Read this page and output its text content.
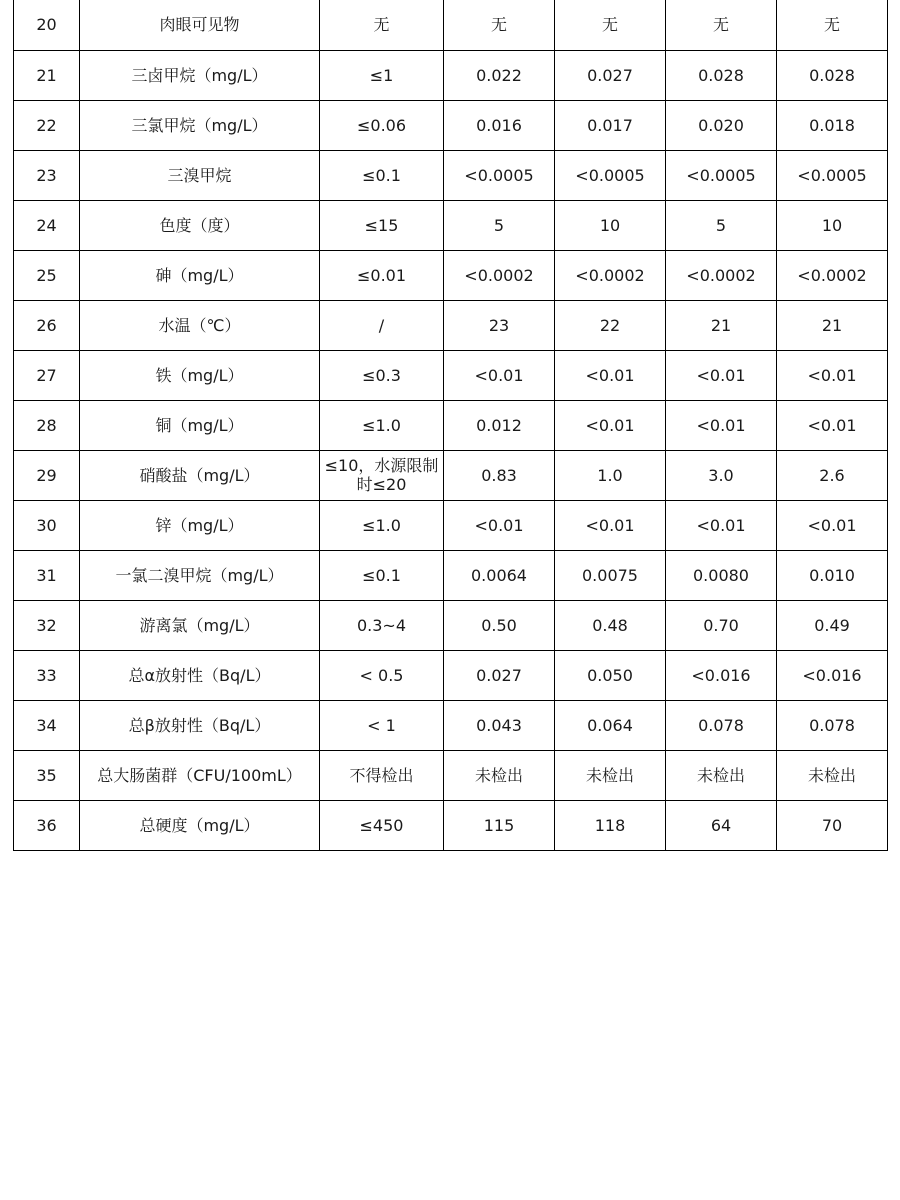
20	肉眼可见物	无	无	无	无	无
21	三卤甲烷（mg/L）	≤1	0.022	0.027	0.028	0.028
22	三氯甲烷（mg/L）	≤0.06	0.016	0.017	0.020	0.018
23	三溴甲烷	≤0.1	<0.0005	<0.0005	<0.0005	<0.0005
24	色度（度）	≤15	5	10	5	10
25	砷（mg/L）	≤0.01	<0.0002	<0.0002	<0.0002	<0.0002
26	水温（℃）	/	23	22	21	21
27	铁（mg/L）	≤0.3	<0.01	<0.01	<0.01	<0.01
28	铜（mg/L）	≤1.0	0.012	<0.01	<0.01	<0.01
29	硝酸盐（mg/L）	≤10，水源限制时≤20	0.83	1.0	3.0	2.6
30	锌（mg/L）	≤1.0	<0.01	<0.01	<0.01	<0.01
31	一氯二溴甲烷（mg/L）	≤0.1	0.0064	0.0075	0.0080	0.010
32	游离氯（mg/L）	0.3~4	0.50	0.48	0.70	0.49
33	总α放射性（Bq/L）	< 0.5	0.027	0.050	<0.016	<0.016
34	总β放射性（Bq/L）	< 1	0.043	0.064	0.078	0.078
35	总大肠菌群（CFU/100mL）	不得检出	未检出	未检出	未检出	未检出
36	总硬度（mg/L）	≤450	115	118	64	70
